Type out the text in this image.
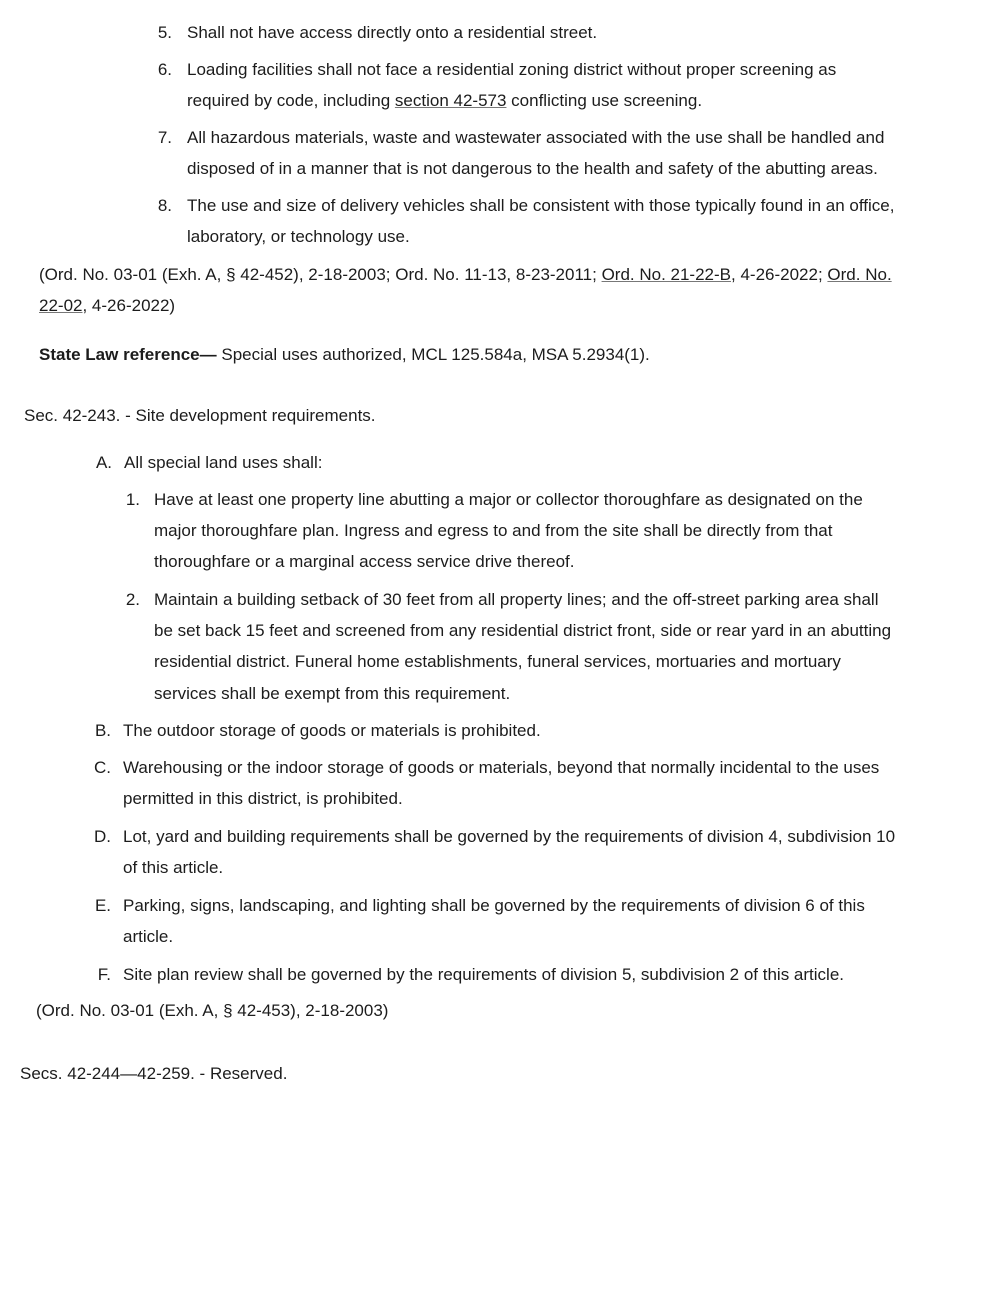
5. Shall not have access directly onto a residential street.
6. Loading facilities shall not face a residential zoning district without proper screening as
required by code, including section 42-573 conflicting use screening.
7. All hazardous materials, waste and wastewater associated with the use shall be handled and
disposed of in a manner that is not dangerous to the health and safety of the abutting areas.
8. The use and size of delivery vehicles shall be consistent with those typically found in an office,
laboratory, or technology use.
(Ord. No. 03-01 (Exh. A, § 42-452), 2-18-2003; Ord. No. 11-13, 8-23-2011; Ord. No. 21-22-B, 4-26-2022; Ord. No.
22-02, 4-26-2022)
State Law reference— Special uses authorized, MCL 125.584a, MSA 5.2934(1).
Sec. 42-243. - Site development requirements.
A. All special land uses shall:
1. Have at least one property line abutting a major or collector thoroughfare as designated on the
major thoroughfare plan. Ingress and egress to and from the site shall be directly from that
thoroughfare or a marginal access service drive thereof.
2. Maintain a building setback of 30 feet from all property lines; and the off-street parking area shall
be set back 15 feet and screened from any residential district front, side or rear yard in an abutting
residential district. Funeral home establishments, funeral services, mortuaries and mortuary
services shall be exempt from this requirement.
B. The outdoor storage of goods or materials is prohibited.
C. Warehousing or the indoor storage of goods or materials, beyond that normally incidental to the uses
permitted in this district, is prohibited.
D. Lot, yard and building requirements shall be governed by the requirements of division 4, subdivision 10
of this article.
E. Parking, signs, landscaping, and lighting shall be governed by the requirements of division 6 of this
article.
F. Site plan review shall be governed by the requirements of division 5, subdivision 2 of this article.
(Ord. No. 03-01 (Exh. A, § 42-453), 2-18-2003)
Secs. 42-244—42-259. - Reserved.
